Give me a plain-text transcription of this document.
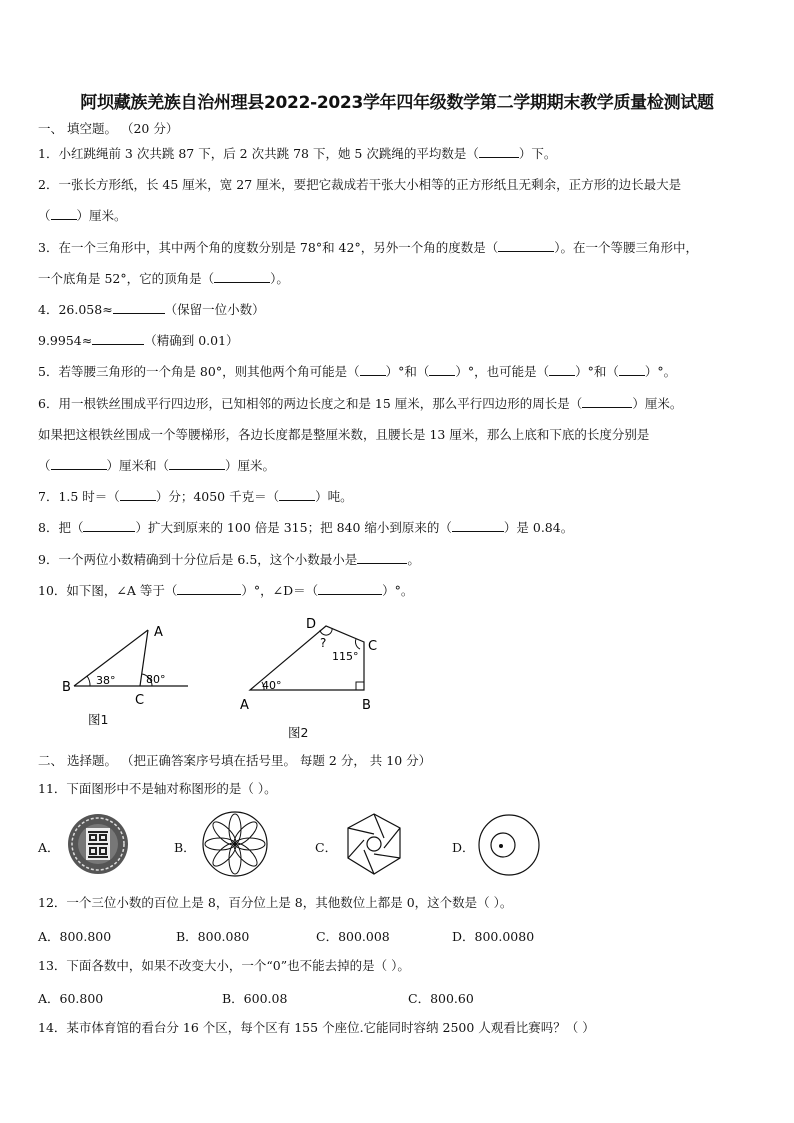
阿坝藏族羌族自治州理县2022-2023学年四年级数学第二学期期末教学质量检测试题
一、 填空题。 （20 分）
1．小红跳绳前 3 次共跳 87 下，后 2 次共跳 78 下，她 5 次跳绳的平均数是（	）下。
2．一张长方形纸，长 45 厘米，宽 27 厘米，要把它裁成若干张大小相等的正方形纸且无剩余，正方形的边长最大是
（ ）厘米。
3．在一个三角形中，其中两个角的度数分别是 78°和 42°，另外一个角的度数是（	）。在一个等腰三角形中，
一个底角是 52°，它的顶角是（	）。
4．26.058≈	（保留一位小数）
9.9954≈	（精确到 0.01）
5．若等腰三角形的一个角是 80°，则其他两个角可能是（ ）°和（ ）°，也可能是（ ）°和（ ）°。
6．用一根铁丝围成平行四边形，已知相邻的两边长度之和是 15 厘米，那么平行四边形的周长是（	）厘米。
如果把这根铁丝围成一个等腰梯形，各边长度都是整厘米数，且腰长是 13 厘米，那么上底和下底的长度分别是
（	）厘米和（	）厘米。
7．1.5 时＝（	）分；4050 千克＝（	）吨。
8．把（	）扩大到原来的 100 倍是 315；把 840 缩小到原来的（	）是 0.84。
9．一个两位小数精确到十分位后是 6.5，这个小数最小是	。
10．如下图，∠A 等于（	）°，∠D＝（	）°。
B
A
C
38°	80°
图1
D
C
A	B
40°
115°
?
图2
二、 选择题。 （把正确答案序号填在括号里。 每题 2 分， 共 10 分）
11．下面图形中不是轴对称图形的是（ ）。
A．	B．	C．	D．
12．一个三位小数的百位上是 8，百分位上是 8，其他数位上都是 0，这个数是（ ）。
A．800.800	B．800.080	C．800.008	D．800.0080
13．下面各数中，如果不改变大小，一个“0”也不能去掉的是（ ）。
A．60.800	B．600.08	C．800.60
14．某市体育馆的看台分 16 个区，每个区有 155 个座位.它能同时容纳 2500 人观看比赛吗？（ ）
